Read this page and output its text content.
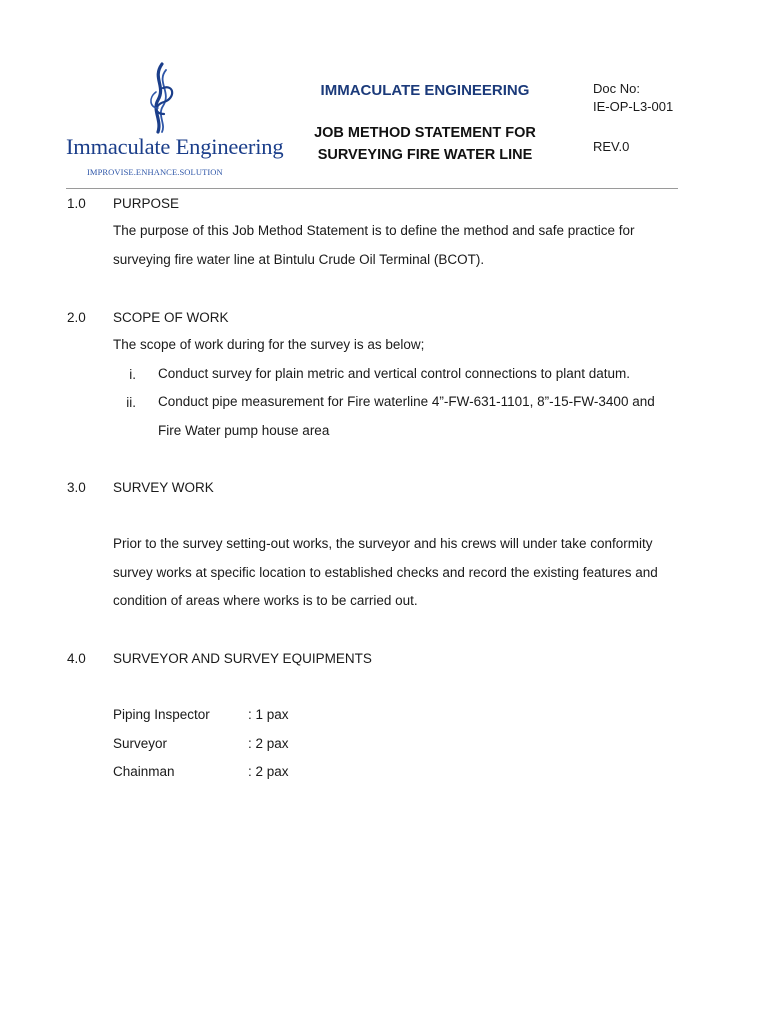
Immaculate Engineering
IMPROVISE.ENHANCE.SOLUTION
IMMACULATE ENGINEERING
JOB METHOD STATEMENT FOR
SURVEYING FIRE WATER LINE
Doc No:
IE-OP-L3-001
REV.0
1.0 PURPOSE
The purpose of this Job Method Statement is to define the method and safe practice for surveying fire water line at Bintulu Crude Oil Terminal (BCOT).
2.0 SCOPE OF WORK
The scope of work during for the survey is as below;
i. Conduct survey for plain metric and vertical control connections to plant datum.
ii. Conduct pipe measurement for Fire waterline 4”-FW-631-1101, 8”-15-FW-3400 and Fire Water pump house area
3.0 SURVEY WORK
Prior to the survey setting-out works, the surveyor and his crews will under take conformity survey works at specific location to established checks and record the existing features and condition of areas where works is to be carried out.
4.0 SURVEYOR AND SURVEY EQUIPMENTS
Piping Inspector	: 1 pax
Surveyor	: 2 pax
Chainman	: 2 pax
